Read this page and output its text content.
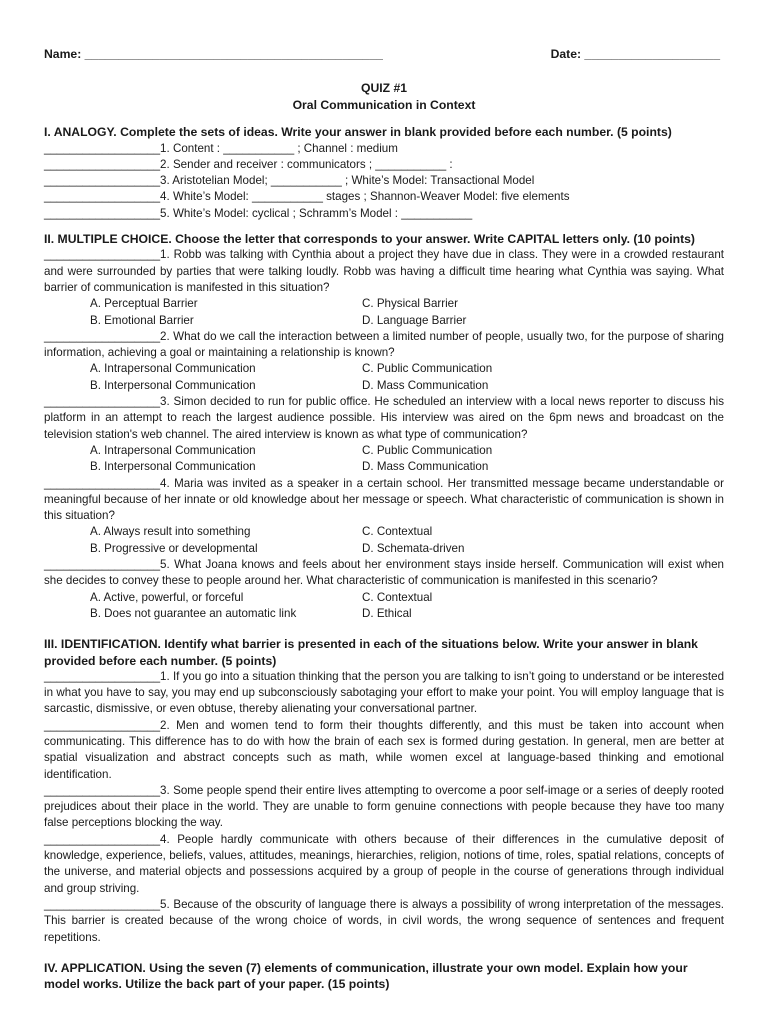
Name: ____________________________________________	Date: ____________________
QUIZ #1
Oral Communication in Context
I. ANALOGY. Complete the sets of ideas. Write your answer in blank provided before each number. (5 points)

__________________1. Content : ___________ ; Channel : medium

__________________2. Sender and receiver : communicators ; ___________ :

__________________3. Aristotelian Model; ___________ ; White’s Model: Transactional Model

__________________4. White’s Model: ___________ stages ; Shannon-Weaver Model: five elements

__________________5. White’s Model: cyclical ; Schramm’s Model : ___________

II. MULTIPLE CHOICE. Choose the letter that corresponds to your answer. Write CAPITAL letters only. (10 points)

__________________1. Robb was talking with Cynthia about a project they have due in class. They were in a crowded restaurant and were surrounded by parties that were talking loudly. Robb was having a difficult time hearing what Cynthia was saying. What barrier of communication is manifested in this situation?

A. Perceptual Barrier	C. Physical Barrier
B. Emotional Barrier	D. Language Barrier

__________________2. What do we call the interaction between a limited number of people, usually two, for the purpose of sharing information, achieving a goal or maintaining a relationship is known?

A. Intrapersonal Communication	C. Public Communication
B. Interpersonal Communication	D. Mass Communication

__________________3. Simon decided to run for public office. He scheduled an interview with a local news reporter to discuss his platform in an attempt to reach the largest audience possible. His interview was aired on the 6pm news and broadcast on the television station's web channel. The aired interview is known as what type of communication?

A. Intrapersonal Communication	C. Public Communication
B. Interpersonal Communication	D. Mass Communication

__________________4. Maria was invited as a speaker in a certain school. Her transmitted message became understandable or meaningful because of her innate or old knowledge about her message or speech. What characteristic of communication is shown in this situation?

A. Always result into something	C. Contextual
B. Progressive or developmental	D. Schemata-driven

__________________5. What Joana knows and feels about her environment stays inside herself. Communication will exist when she decides to convey these to people around her. What characteristic of communication is manifested in this scenario?

A. Active, powerful, or forceful	C. Contextual
B. Does not guarantee an automatic link	D. Ethical
III. IDENTIFICATION. Identify what barrier is presented in each of the situations below. Write your answer in blank provided before each number. (5 points)

__________________1. If you go into a situation thinking that the person you are talking to isn’t going to understand or be interested in what you have to say, you may end up subconsciously sabotaging your effort to make your point. You will employ language that is sarcastic, dismissive, or even obtuse, thereby alienating your conversational partner.

__________________2. Men and women tend to form their thoughts differently, and this must be taken into account when communicating. This difference has to do with how the brain of each sex is formed during gestation. In general, men are better at spatial visualization and abstract concepts such as math, while women excel at language-based thinking and emotional identification.

__________________3. Some people spend their entire lives attempting to overcome a poor self-image or a series of deeply rooted prejudices about their place in the world. They are unable to form genuine connections with people because they have too many false perceptions blocking the way.

__________________4. People hardly communicate with others because of their differences in the cumulative deposit of knowledge, experience, beliefs, values, attitudes, meanings, hierarchies, religion, notions of time, roles, spatial relations, concepts of the universe, and material objects and possessions acquired by a group of people in the course of generations through individual and group striving.

__________________5. Because of the obscurity of language there is always a possibility of wrong interpretation of the messages. This barrier is created because of the wrong choice of words, in civil words, the wrong sequence of sentences and frequent repetitions.

IV. APPLICATION. Using the seven (7) elements of communication, illustrate your own model. Explain how your model works. Utilize the back part of your paper. (15 points)
